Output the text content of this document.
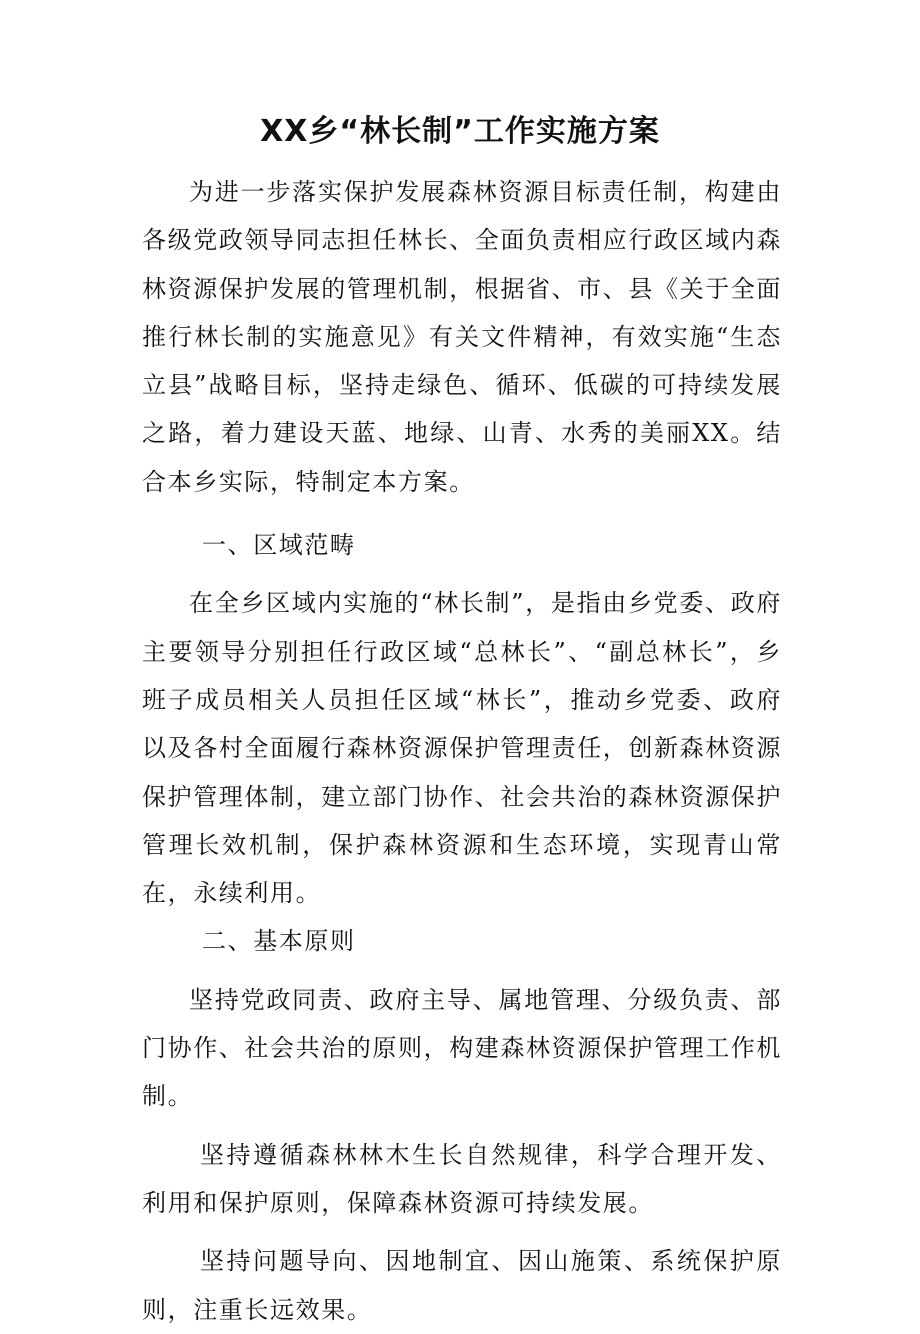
XX乡“林长制”工作实施方案

为进一步落实保护发展森林资源目标责任制，构建由各级党政领导同志担任林长、全面负责相应行政区域内森林资源保护发展的管理机制，根据省、市、县《关于全面推行林长制的实施意见》有关文件精神，有效实施“生态立县”战略目标，坚持走绿色、循环、低碳的可持续发展之路，着力建设天蓝、地绿、山青、水秀的美丽XX。结合本乡实际，特制定本方案。

一、区域范畴

在全乡区域内实施的“林长制”，是指由乡党委、政府主要领导分别担任行政区域“总林长”、“副总林长”，乡班子成员相关人员担任区域“林长”，推动乡党委、政府以及各村全面履行森林资源保护管理责任，创新森林资源保护管理体制，建立部门协作、社会共治的森林资源保护管理长效机制，保护森林资源和生态环境，实现青山常在，永续利用。

二、基本原则

坚持党政同责、政府主导、属地管理、分级负责、部门协作、社会共治的原则，构建森林资源保护管理工作机制。

坚持遵循森林林木生长自然规律，科学合理开发、利用和保护原则，保障森林资源可持续发展。

坚持问题导向、因地制宜、因山施策、系统保护原则，注重长远效果。
